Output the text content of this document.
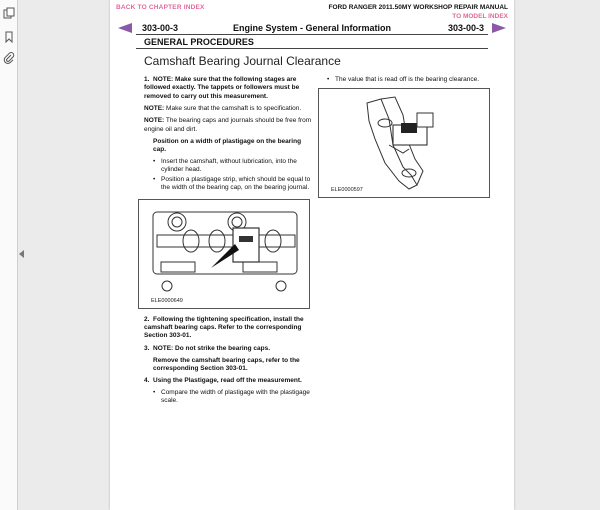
BACK TO CHAPTER INDEX	FORD RANGER 2011.50MY WORKSHOP REPAIR MANUAL
TO MODEL INDEX
303-00-3	Engine System - General Information	303-00-3
GENERAL PROCEDURES
Camshaft Bearing Journal Clearance
1. NOTE: Make sure that the following stages are followed exactly. The tappets or followers must be removed to carry out this measurement.
NOTE: Make sure that the camshaft is to specification.
NOTE: The bearing caps and journals should be free from engine oil and dirt.
Position on a width of plastigage on the bearing cap.
• Insert the camshaft, without lubrication, into the cylinder head.
• Position a plastigage strip, which should be equal to the width of the bearing cap, on the bearing journal.
ELE0000649
2. Following the tightening specification, install the camshaft bearing caps. Refer to the corresponding Section 303-01.
3. NOTE: Do not strike the bearing caps.
Remove the camshaft bearing caps, refer to the corresponding Section 303-01.
4. Using the Plastigage, read off the measurement.
• Compare the width of plastigage with the plastigage scale.
• The value that is read off is the bearing clearance.
ELE0000597
